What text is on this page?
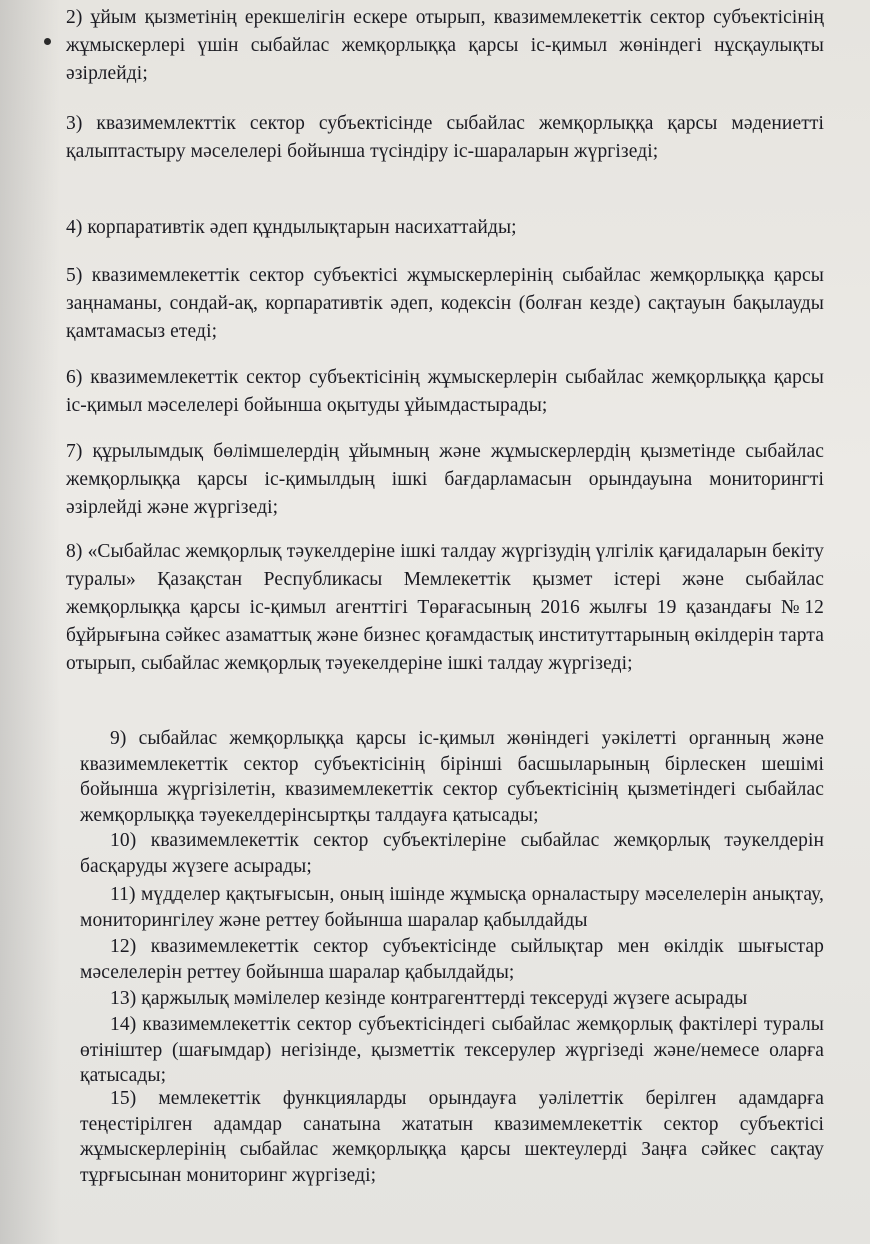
2) ұйым қызметінің ерекшелігін ескере отырып, квазимемлекеттік сектор субъектісінің жұмыскерлері үшін сыбайлас жемқорлыққа қарсы іс-қимыл жөніндегі нұсқаулықты әзірлейді;
3) квазимемлекттік сектор субъектісінде сыбайлас жемқорлыққа қарсы мәдениетті қалыптастыру мәселелері бойынша түсіндіру іс-шараларын жүргізеді;
4) корпаративтік әдеп құндылықтарын насихаттайды;
5) квазимемлекеттік сектор субъектісі жұмыскерлерінің сыбайлас жемқорлыққа қарсы заңнаманы, сондай-ақ, корпаративтік әдеп, кодексін (болған кезде) сақтауын бақылауды қамтамасыз етеді;
6) квазимемлекеттік сектор субъектісінің жұмыскерлерін сыбайлас жемқорлыққа қарсы іс-қимыл мәселелері бойынша оқытуды ұйымдастырады;
7) құрылымдық бөлімшелердің ұйымның және жұмыскерлердің қызметінде сыбайлас жемқорлыққа қарсы іс-қимылдың ішкі бағдарламасын орындауына мониторингті әзірлейді және жүргізеді;
8) «Сыбайлас жемқорлық тәукелдеріне ішкі талдау жүргізудің үлгілік қағидаларын бекіту туралы» Қазақстан Республикасы Мемлекеттік қызмет істері және сыбайлас жемқорлыққа қарсы іс-қимыл агенттігі Төрағасының 2016 жылғы 19 қазандағы №12 бұйрығына сәйкес азаматтық және бизнес қоғамдастық институттарының өкілдерін тарта отырып, сыбайлас жемқорлық тәуекелдеріне ішкі талдау жүргізеді;
9) сыбайлас жемқорлыққа қарсы іс-қимыл жөніндегі уәкілетті органның және квазимемлекеттік сектор субъектісінің бірінші басшыларының бірлескен шешімі бойынша жүргізілетін, квазимемлекеттік сектор субъектісінің қызметіндегі сыбайлас жемқорлыққа тәуекелдерінсыртқы талдауға қатысады;
10) квазимемлекеттік сектор субъектілеріне сыбайлас жемқорлық тәукелдерін басқаруды жүзеге асырады;
11) мүдделер қақтығысын, оның ішінде жұмысқа орналастыру мәселелерін анықтау, мониторингілеу және реттеу бойынша шаралар қабылдайды
12) квазимемлекеттік сектор субъектісінде сыйлықтар мен өкілдік шығыстар мәселелерін реттеу бойынша шаралар қабылдайды;
13) қаржылық мәмілелер кезінде контрагенттерді тексеруді жүзеге асырады
14) квазимемлекеттік сектор субъектісіндегі сыбайлас жемқорлық фактілері туралы өтініштер (шағымдар) негізінде, қызметтік тексерулер жүргізеді және/немесе оларға қатысады;
15) мемлекеттік функцияларды орындауға уәлілеттік берілген адамдарға теңестірілген адамдар санатына жататын квазимемлекеттік сектор субъектісі жұмыскерлерінің сыбайлас жемқорлыққа қарсы шектеулерді Заңға сәйкес сақтау тұрғысынан мониторинг жүргізеді;
